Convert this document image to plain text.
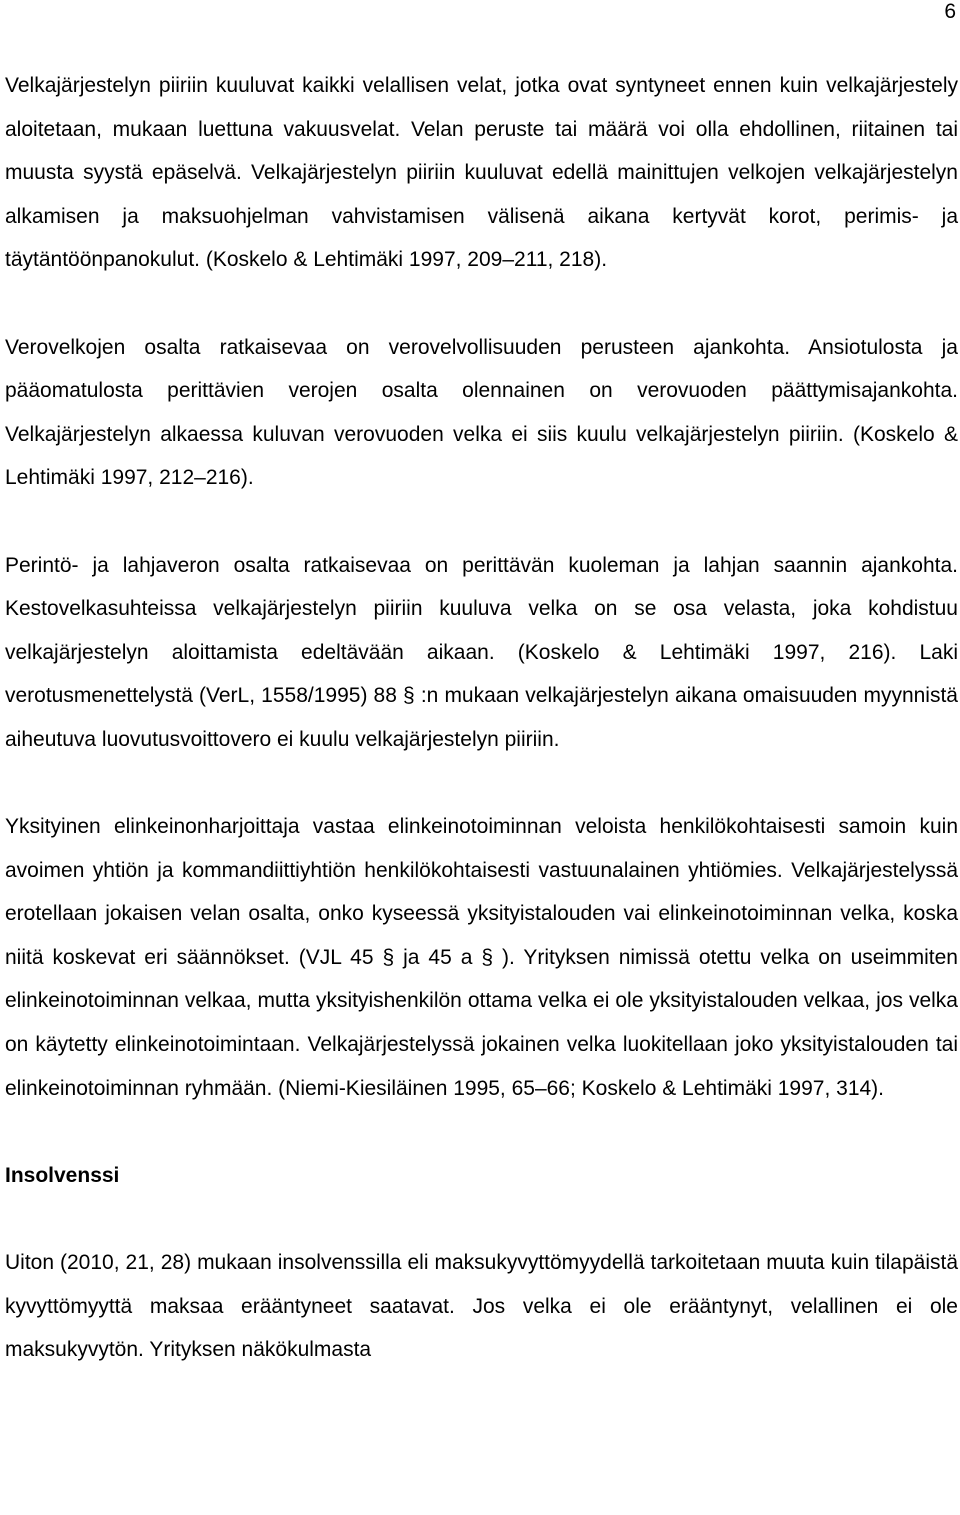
6

Velkajärjestelyn piiriin kuuluvat kaikki velallisen velat, jotka ovat syntyneet ennen kuin velkajärjestely aloitetaan, mukaan luettuna vakuusvelat. Velan peruste tai määrä voi olla ehdollinen, riitainen tai muusta syystä epäselvä. Velkajärjestelyn piiriin kuuluvat edellä mainittujen velkojen velkajärjestelyn alkamisen ja maksuohjelman vahvistamisen välisenä aikana kertyvät korot, perimis- ja täytäntöönpanokulut. (Koskelo & Lehtimäki 1997, 209–211, 218).

Verovelkojen osalta ratkaisevaa on verovelvollisuuden perusteen ajankohta. Ansiotulosta ja pääomatulosta perittävien verojen osalta olennainen on verovuoden päättymisajankohta. Velkajärjestelyn alkaessa kuluvan verovuoden velka ei siis kuulu velkajärjestelyn piiriin. (Koskelo & Lehtimäki 1997, 212–216).

Perintö- ja lahjaveron osalta ratkaisevaa on perittävän kuoleman ja lahjan saannin ajankohta. Kestovelkasuhteissa velkajärjestelyn piiriin kuuluva velka on se osa velasta, joka kohdistuu velkajärjestelyn aloittamista edeltävään aikaan. (Koskelo & Lehtimäki 1997, 216). Laki verotusmenettelystä (VerL, 1558/1995) 88 § :n mukaan velkajärjestelyn aikana omaisuuden myynnistä aiheutuva luovutusvoittovero ei kuulu velkajärjestelyn piiriin.

Yksityinen elinkeinonharjoittaja vastaa elinkeinotoiminnan veloista henkilökohtaisesti samoin kuin avoimen yhtiön ja kommandiittiyhtiön henkilökohtaisesti vastuunalainen yhtiömies. Velkajärjestelyssä erotellaan jokaisen velan osalta, onko kyseessä yksityistalouden vai elinkeinotoiminnan velka, koska niitä koskevat eri säännökset. (VJL 45 § ja 45 a § ). Yrityksen nimissä otettu velka on useimmiten elinkeinotoiminnan velkaa, mutta yksityishenkilön ottama velka ei ole yksityistalouden velkaa, jos velka on käytetty elinkeinotoimintaan. Velkajärjestelyssä jokainen velka luokitellaan joko yksityistalouden tai elinkeinotoiminnan ryhmään. (Niemi-Kiesiläinen 1995, 65–66; Koskelo & Lehtimäki 1997, 314).

Insolvenssi

Uiton (2010, 21, 28) mukaan insolvenssilla eli maksukyvyttömyydellä tarkoitetaan muuta kuin tilapäistä kyvyttömyyttä maksaa erääntyneet saatavat. Jos velka ei ole erääntynyt, velallinen ei ole maksukyvytön. Yrityksen näkökulmasta
